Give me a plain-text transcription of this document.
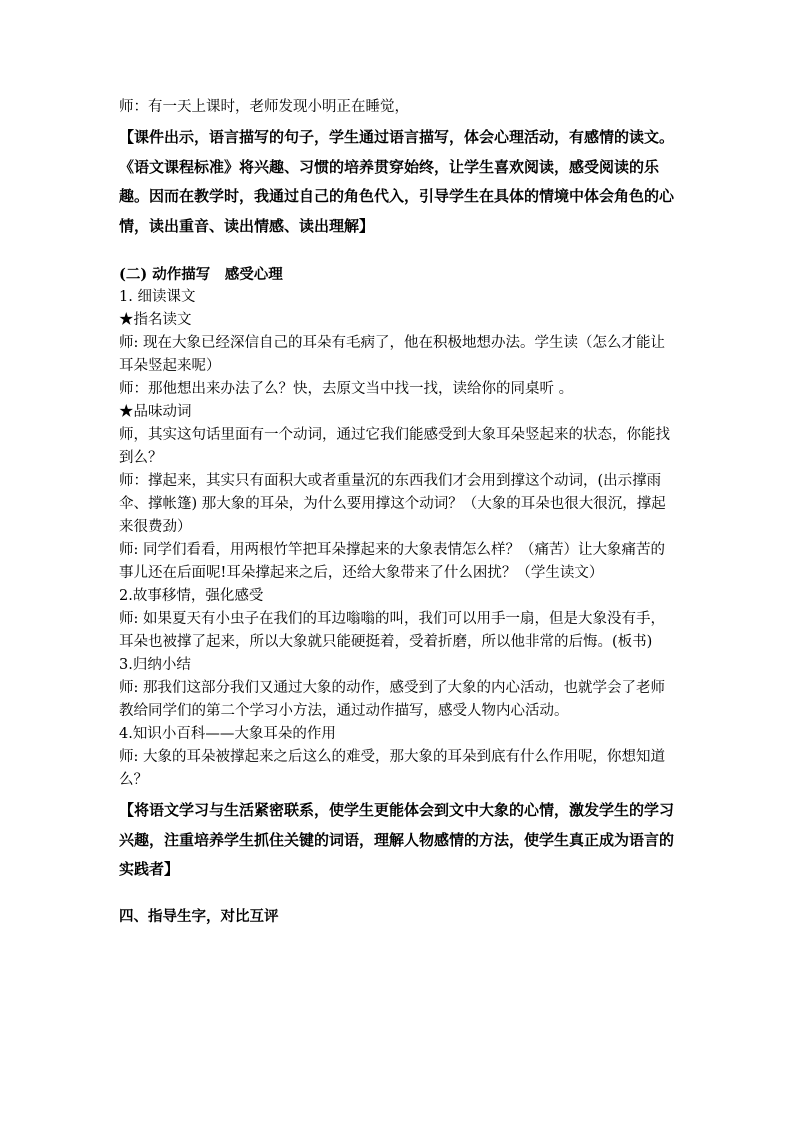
师：有一天上课时，老师发现小明正在睡觉，

【课件出示，语言描写的句子，学生通过语言描写，体会心理活动，有感情的读文。《语文课程标准》将兴趣、习惯的培养贯穿始终，让学生喜欢阅读，感受阅读的乐趣。因而在教学时，我通过自己的角色代入，引导学生在具体的情境中体会角色的心情，读出重音、读出情感、读出理解】

(二) 动作描写　感受心理

1. 细读课文

★指名读文

师: 现在大象已经深信自己的耳朵有毛病了，他在积极地想办法。学生读（怎么才能让耳朵竖起来呢）

师：那他想出来办法了么？快，去原文当中找一找，读给你的同桌听 。

★品味动词

师，其实这句话里面有一个动词，通过它我们能感受到大象耳朵竖起来的状态，你能找到么？

师：撑起来，其实只有面积大或者重量沉的东西我们才会用到撑这个动词，(出示撑雨伞、撑帐篷) 那大象的耳朵，为什么要用撑这个动词？（大象的耳朵也很大很沉，撑起来很费劲）

师: 同学们看看，用两根竹竿把耳朵撑起来的大象表情怎么样？（痛苦）让大象痛苦的事儿还在后面呢!耳朵撑起来之后，还给大象带来了什么困扰？（学生读文）

2.故事移情，强化感受

师: 如果夏天有小虫子在我们的耳边嗡嗡的叫，我们可以用手一扇，但是大象没有手，耳朵也被撑了起来，所以大象就只能硬挺着，受着折磨，所以他非常的后悔。(板书)

3.归纳小结

师: 那我们这部分我们又通过大象的动作，感受到了大象的内心活动，也就学会了老师教给同学们的第二个学习小方法，通过动作描写，感受人物内心活动。

4.知识小百科——大象耳朵的作用

师: 大象的耳朵被撑起来之后这么的难受，那大象的耳朵到底有什么作用呢，你想知道么？

【将语文学习与生活紧密联系，使学生更能体会到文中大象的心情，激发学生的学习兴趣，注重培养学生抓住关键的词语，理解人物感情的方法，使学生真正成为语言的实践者】

四、指导生字，对比互评
